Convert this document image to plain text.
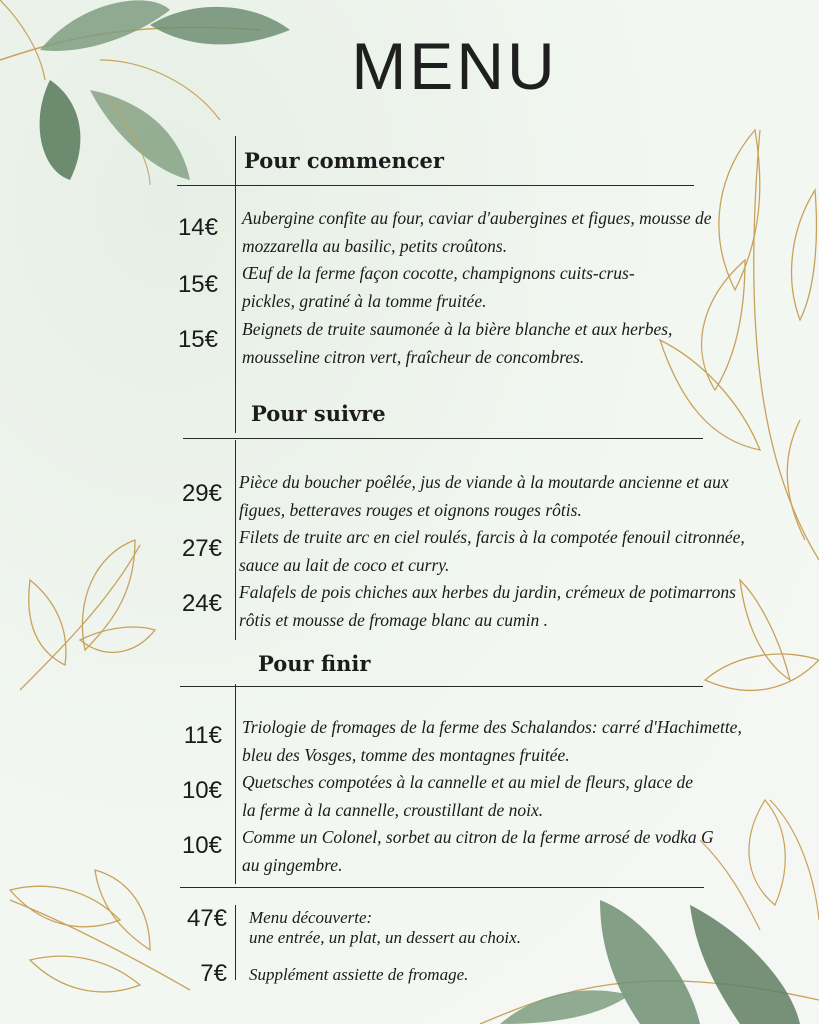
MENU
Pour commencer
14€ Aubergine confite au four, caviar d'aubergines et figues, mousse de mozzarella au basilic, petits croûtons.

15€ Œuf de la ferme façon cocotte, champignons cuits-crus-pickles, gratiné à la tomme fruitée.

15€ Beignets de truite saumonée à la bière blanche et aux herbes, mousseline citron vert, fraîcheur de concombres.

Pour suivre
29€ Pièce du boucher poêlée, jus de viande à la moutarde ancienne et aux figues, betteraves rouges et oignons rouges rôtis.

27€ Filets de truite arc en ciel roulés, farcis à la compotée fenouil citronnée, sauce au lait de coco et curry.

24€ Falafels de pois chiches aux herbes du jardin, crémeux de potimarrons rôtis et mousse de fromage blanc au cumin .

Pour finir
11€ Triologie de fromages de la ferme des Schalandos: carré d'Hachimette, bleu des Vosges, tomme des montagnes fruitée.

10€ Quetsches compotées à la cannelle et au miel de fleurs, glace de la ferme à la cannelle, croustillant de noix.

10€ Comme un Colonel, sorbet au citron de la ferme arrosé de vodka G au gingembre.

47€ Menu découverte:
une entrée, un plat, un dessert au choix.
7€ Supplément assiette de fromage.
